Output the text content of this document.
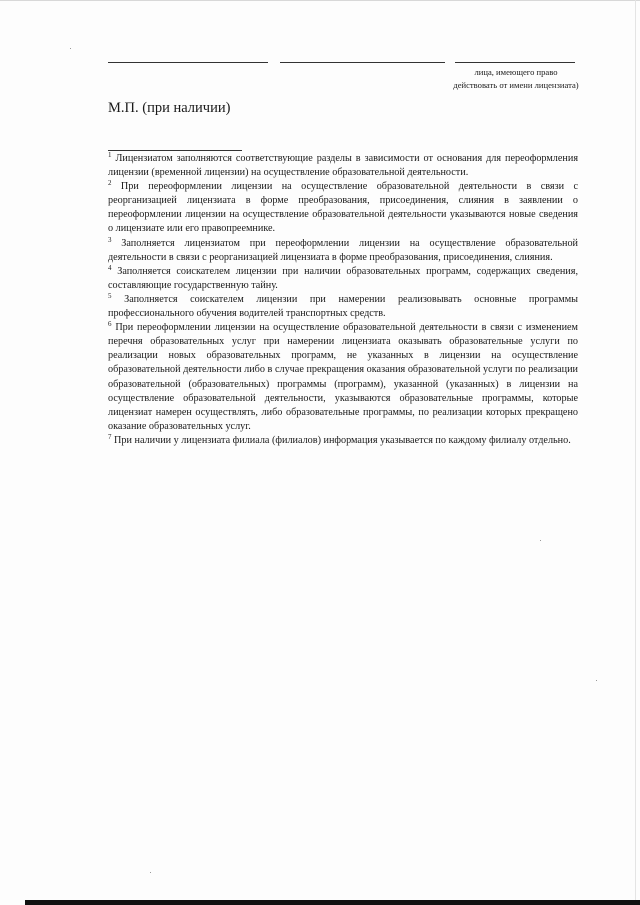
лица, имеющего право действовать от имени лицензиата)
М.П. (при наличии)

$^1$ Лицензиатом заполняются соответствующие разделы в зависимости от основания для переоформления лицензии (временной лицензии) на осуществление образовательной деятельности.

$^2$ При переоформлении лицензии на осуществление образовательной деятельности в связи с реорганизацией лицензиата в форме преобразования, присоединения, слияния в заявлении о переоформлении лицензии на осуществление образовательной деятельности указываются новые сведения о лицензиате или его правопреемнике.

$^3$ Заполняется лицензиатом при переоформлении лицензии на осуществление образовательной деятельности в связи с реорганизацией лицензиата в форме преобразования, присоединения, слияния.

$^4$ Заполняется соискателем лицензии при наличии образовательных программ, содержащих сведения, составляющие государственную тайну.

$^5$ Заполняется соискателем лицензии при намерении реализовывать основные программы профессионального обучения водителей транспортных средств.

$^6$ При переоформлении лицензии на осуществление образовательной деятельности в связи с изменением перечня образовательных услуг при намерении лицензиата оказывать образовательные услуги по реализации новых образовательных программ, не указанных в лицензии на осуществление образовательной деятельности либо в случае прекращения оказания образовательной услуги по реализации образовательной (образовательных) программы (программ), указанной (указанных) в лицензии на осуществление образовательной деятельности, указываются образовательные программы, которые лицензиат намерен осуществлять, либо образовательные программы, по реализации которых прекращено оказание образовательных услуг.

$^7$ При наличии у лицензиата филиала (филиалов) информация указывается по каждому филиалу отдельно.
